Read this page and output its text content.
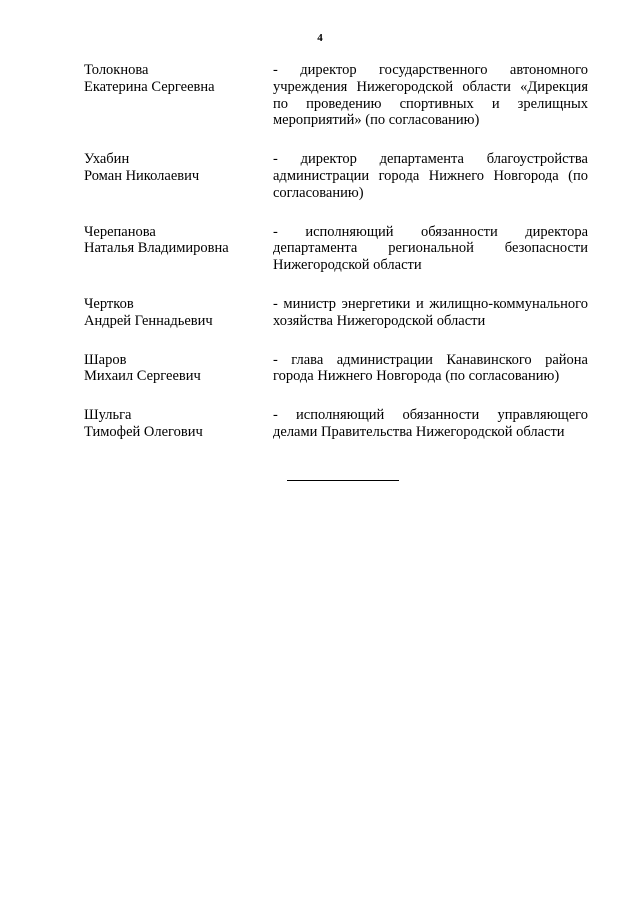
4
Толокнова
Екатерина Сергеевна
- директор государственного автономного учреждения Нижегородской области «Дирекция по проведению спортивных и зрелищных мероприятий» (по согласованию)
Ухабин
Роман Николаевич
- директор департамента благоустройства администрации города Нижнего Новгорода (по согласованию)
Черепанова
Наталья Владимировна
- исполняющий обязанности директора департамента региональной безопасности Нижегородской области
Чертков
Андрей Геннадьевич
- министр энергетики и жилищно-коммунального хозяйства Нижегородской области
Шаров
Михаил Сергеевич
- глава администрации Канавинского района города Нижнего Новгорода (по согласованию)
Шульга
Тимофей Олегович
- исполняющий обязанности управляющего делами Правительства Нижегородской области
